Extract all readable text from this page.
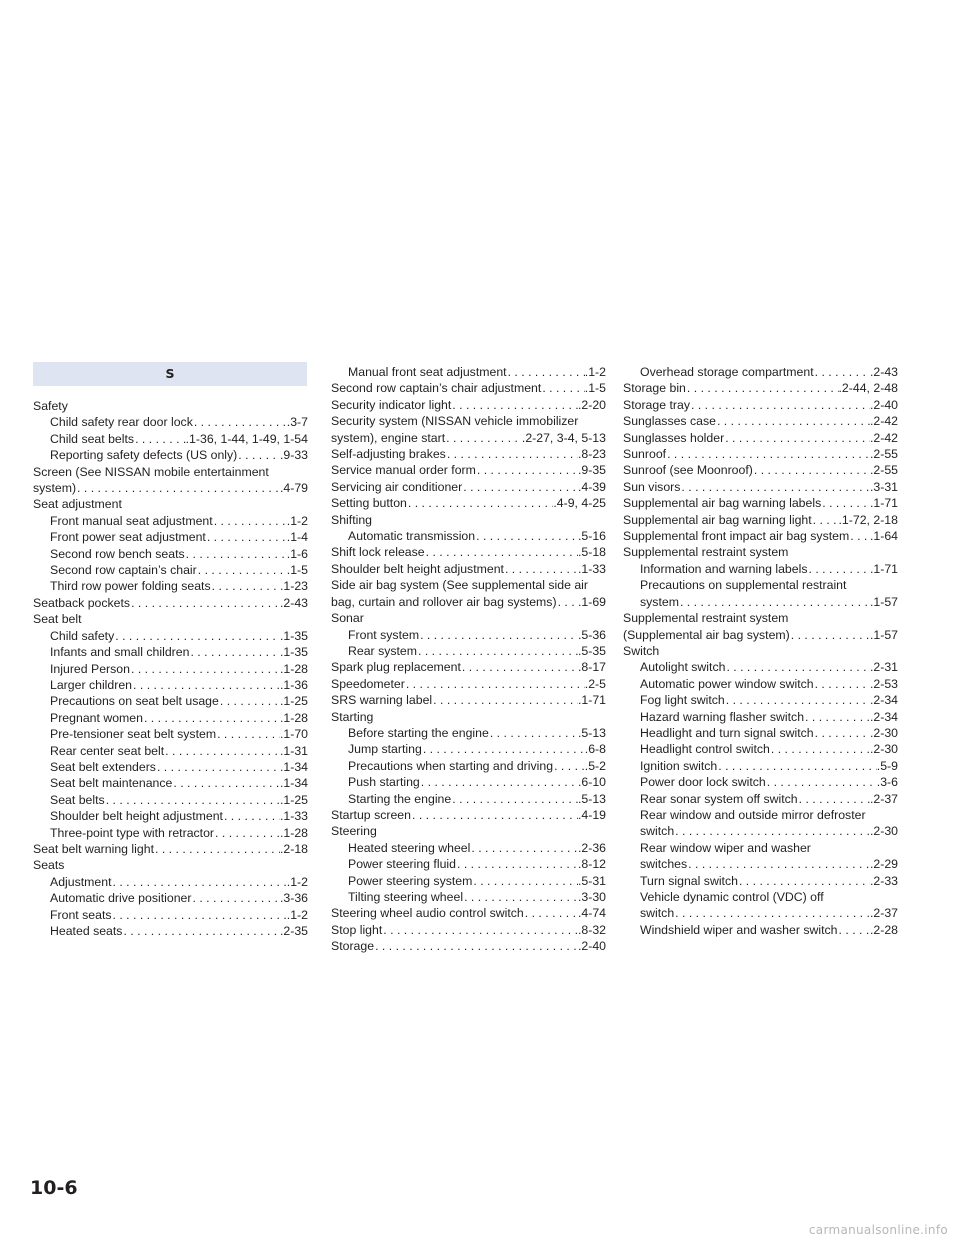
S
Safety
Child safety rear door lock . . .	.3-7
Child seat belts . . .	.1-36, 1-44, 1-49, 1-54
Reporting safety defects (US only) . . .	.9-33
Screen (See NISSAN mobile entertainment
system) . . .	.4-79
Seat adjustment
Front manual seat adjustment . . .	.1-2
Front power seat adjustment . . .	.1-4
Second row bench seats . . .	.1-6
Second row captain’s chair . . .	.1-5
Third row power folding seats . . .	.1-23
Seatback pockets . . .	.2-43
Seat belt
Child safety . . .	.1-35
Infants and small children . . .	.1-35
Injured Person . . .	.1-28
Larger children . . .	.1-36
Precautions on seat belt usage . . .	.1-25
Pregnant women . . .	.1-28
Pre-tensioner seat belt system . . .	.1-70
Rear center seat belt . . .	.1-31
Seat belt extenders . . .	.1-34
Seat belt maintenance . . .	.1-34
Seat belts . . .	.1-25
Shoulder belt height adjustment . . .	.1-33
Three-point type with retractor . . .	.1-28
Seat belt warning light . . .	.2-18
Seats
Adjustment . . .	.1-2
Automatic drive positioner . . .	.3-36
Front seats . . .	.1-2
Heated seats . . .	.2-35
Manual front seat adjustment . . .	.1-2
Second row captain’s chair adjustment . . .	.1-5
Security indicator light . . .	.2-20
Security system (NISSAN vehicle immobilizer
system), engine start . . .	.2-27, 3-4, 5-13
Self-adjusting brakes . . .	.8-23
Service manual order form . . .	.9-35
Servicing air conditioner . . .	.4-39
Setting button . . .	.4-9, 4-25
Shifting
Automatic transmission . . .	.5-16
Shift lock release . . .	.5-18
Shoulder belt height adjustment . . .	.1-33
Side air bag system (See supplemental side air
bag, curtain and rollover air bag systems) . . . .1-69
Sonar
Front system . . .	.5-36
Rear system . . .	.5-35
Spark plug replacement . . .	.8-17
Speedometer . . .	.2-5
SRS warning label . . .	.1-71
Starting
Before starting the engine . . .	.5-13
Jump starting . . .	.6-8
Precautions when starting and driving . . .	.5-2
Push starting . . .	.6-10
Starting the engine . . .	.5-13
Startup screen . . .	.4-19
Steering
Heated steering wheel . . .	.2-36
Power steering fluid . . .	.8-12
Power steering system . . .	.5-31
Tilting steering wheel . . .	.3-30
Steering wheel audio control switch . . .	.4-74
Stop light . . .	.8-32
Storage . . .	.2-40
Overhead storage compartment . . .	.2-43
Storage bin . . .	.2-44, 2-48
Storage tray . . .	.2-40
Sunglasses case . . .	.2-42
Sunglasses holder . . .	.2-42
Sunroof . . .	.2-55
Sunroof (see Moonroof) . . .	.2-55
Sun visors . . .	.3-31
Supplemental air bag warning labels . . .	.1-71
Supplemental air bag warning light . . . .1-72, 2-18
Supplemental front impact air bag system . . . .1-64
Supplemental restraint system
Information and warning labels . . .	.1-71
Precautions on supplemental restraint
system . . .	.1-57
Supplemental restraint system
(Supplemental air bag system) . . .	.1-57
Switch
Autolight switch . . .	.2-31
Automatic power window switch . . .	.2-53
Fog light switch . . .	.2-34
Hazard warning flasher switch . . .	.2-34
Headlight and turn signal switch . . .	.2-30
Headlight control switch . . .	.2-30
Ignition switch . . .	.5-9
Power door lock switch . . .	.3-6
Rear sonar system off switch . . .	.2-37
Rear window and outside mirror defroster
switch . . .	.2-30
Rear window wiper and washer
switches . . .	.2-29
Turn signal switch . . .	.2-33
Vehicle dynamic control (VDC) off
switch . . .	.2-37
Windshield wiper and washer switch . . .	.2-28
10-6
carmanualsonline.info
